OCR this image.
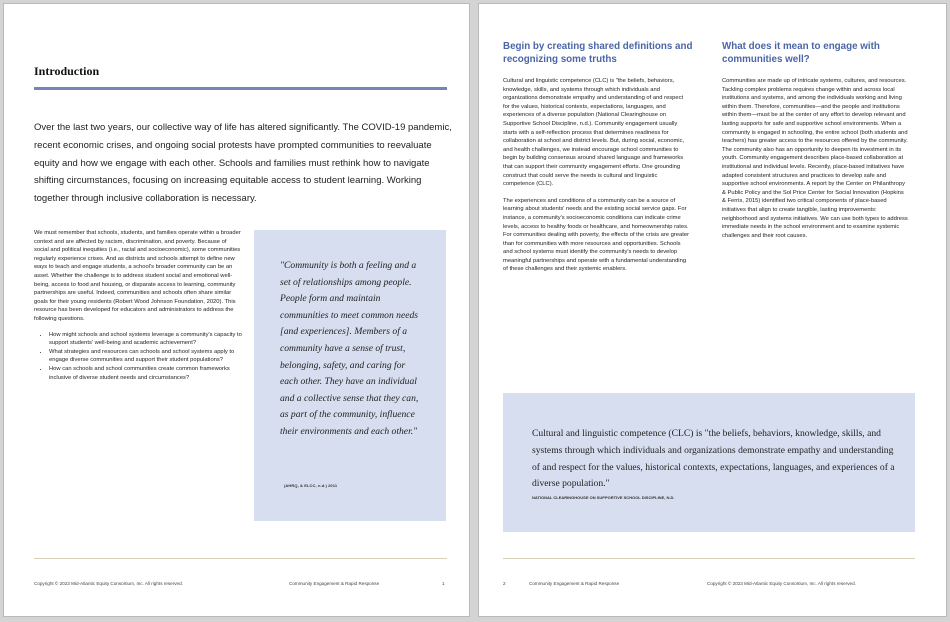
Introduction

Over the last two years, our collective way of life has altered significantly. The COVID-19 pandemic, recent economic crises, and ongoing social protests have prompted communities to reevaluate equity and how we engage with each other. Schools and families must rethink how to navigate shifting circumstances, focusing on increasing equitable access to student learning. Working together through inclusive collaboration is necessary.

We must remember that schools, students, and families operate within a broader context and are affected by racism, discrimination, and poverty. Because of social and political inequities (i.e., racial and socioeconomic), some communities regularly experience crises. And as districts and schools attempt to define new ways to teach and engage students, a school's broader community can be an asset. Whether the challenge is to address student social and emotional well-being, access to food and housing, or disparate access to learning, community partnerships are useful. Indeed, communities and schools often share similar goals for their young residents (Robert Wood Johnson Foundation, 2020). This resource has been developed for educators and administrators to address the following questions.

• How might schools and school systems leverage a community's capacity to support students' well-being and academic achievement?
• What strategies and resources can schools and school systems apply to engage diverse communities and support their student populations?
• How can schools and school communities create common frameworks inclusive of diverse student needs and circumstances?

"Community is both a feeling and a set of relationships among people. People form and maintain communities to meet common needs [and experiences]. Members of a community have a sense of trust, belonging, safety, and caring for each other. They have an individual and a collective sense that they can, as part of the community, influence their environments and each other."

(AHRQ, & ELCC, n.d.) 2011
Copyright © 2023 Mid-Atlantic Equity Consortium, Inc. All rights reserved.	Community Engagement & Rapid Response	1
Begin by creating shared definitions and recognizing some truths
What does it mean to engage with communities well?

Cultural and linguistic competence (CLC) is "the beliefs, behaviors, knowledge, skills, and systems through which individuals and organizations demonstrate empathy and understanding of and respect for the values, historical contexts, expectations, languages, and experiences of a diverse population (National Clearinghouse on Supportive School Discipline, n.d.). Community engagement usually starts with a self-reflection process that determines readiness for collaboration at school and district levels. But, during social, economic, and health challenges, we instead encourage school communities to begin by building consensus around shared language and frameworks that can support their community engagement efforts. One grounding construct that could serve the needs is cultural and linguistic competence (CLC).

The experiences and conditions of a community can be a source of learning about students' needs and the existing social service gaps. For instance, a community's socioeconomic conditions can indicate crime levels, access to healthy foods or healthcare, and homeownership rates. For communities dealing with poverty, the effects of the crisis are greater than for communities with more resources and opportunities. Schools and school systems must identify the community's needs to develop meaningful partnerships and operate with a fundamental understanding of these challenges and their systemic enablers.

Communities are made up of intricate systems, cultures, and resources. Tackling complex problems requires change within and across local institutions and systems, and among the individuals working and living within them. Therefore, communities—and the people and institutions within them—must be at the center of any effort to develop relevant and lasting supports for safe and supportive school environments. When a community is engaged in schooling, the entire school (both students and teachers) has greater access to the resources offered by the community. The community also has an opportunity to deepen its investment in its youth. Community engagement describes place-based collaboration at institutional and individual levels. Recently, place-based initiatives have adapted consistent structures and practices to develop safe and supportive school environments. A report by the Center on Philanthropy & Public Policy and the Sol Price Center for Social Innovation (Hopkins & Ferris, 2015) identified two critical components of place-based initiatives that align to create tangible, lasting improvements: neighborhood and systems initiatives. We can use both types to address immediate needs in the school environment and to examine systemic challenges and their root causes.

Cultural and linguistic competence (CLC) is "the beliefs, behaviors, knowledge, skills, and systems through which individuals and organizations demonstrate empathy and understanding of and respect for the values, historical contexts, expectations, languages, and experiences of a diverse population."

NATIONAL CLEARINGHOUSE ON SUPPORTIVE SCHOOL DISCIPLINE, N.D.
2	Community Engagement & Rapid Response	Copyright © 2023 Mid-Atlantic Equity Consortium, Inc. All rights reserved.
